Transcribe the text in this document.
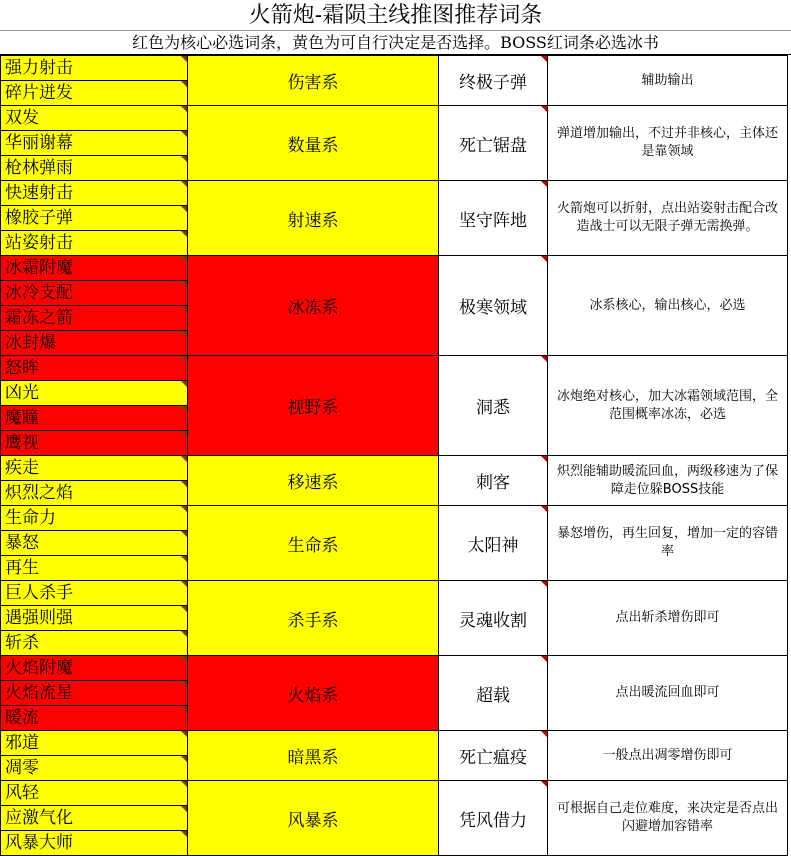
火箭炮-霜陨主线推图推荐词条
红色为核心必选词条，黄色为可自行决定是否选择。BOSS红词条必选冰书
强力射击	伤害系	终极子弹	辅助输出

碎片迸发			

双发	数量系	死亡锯盘	弹道增加输出，不过并非核心，主体还是靠领域

华丽谢幕			

枪林弹雨			

快速射击	射速系	坚守阵地	火箭炮可以折射，点出站姿射击配合改造战士可以无限子弹无需换弹。

橡胶子弹			

站姿射击			

冰霜附魔	冰冻系	极寒领域	冰系核心，输出核心，必选

冰冷支配			

霜冻之箭			

冰封爆			

怒眸	视野系	洞悉	冰炮绝对核心，加大冰霜领域范围，全范围概率冰冻，必选

凶光			

魔瞳			

鹰视			

疾走	移速系	刺客	炽烈能辅助暖流回血，两级移速为了保障走位躲BOSS技能

炽烈之焰			

生命力	生命系	太阳神	暴怒增伤，再生回复，增加一定的容错率

暴怒			

再生			

巨人杀手	杀手系	灵魂收割	点出斩杀增伤即可

遇强则强			

斩杀			

火焰附魔	火焰系	超载	点出暖流回血即可

火焰流星			

暖流			

邪道	暗黑系	死亡瘟疫	一般点出凋零增伤即可

凋零			

风轻	风暴系	凭风借力	可根据自己走位难度，来决定是否点出闪避增加容错率

应激气化			

风暴大师			
